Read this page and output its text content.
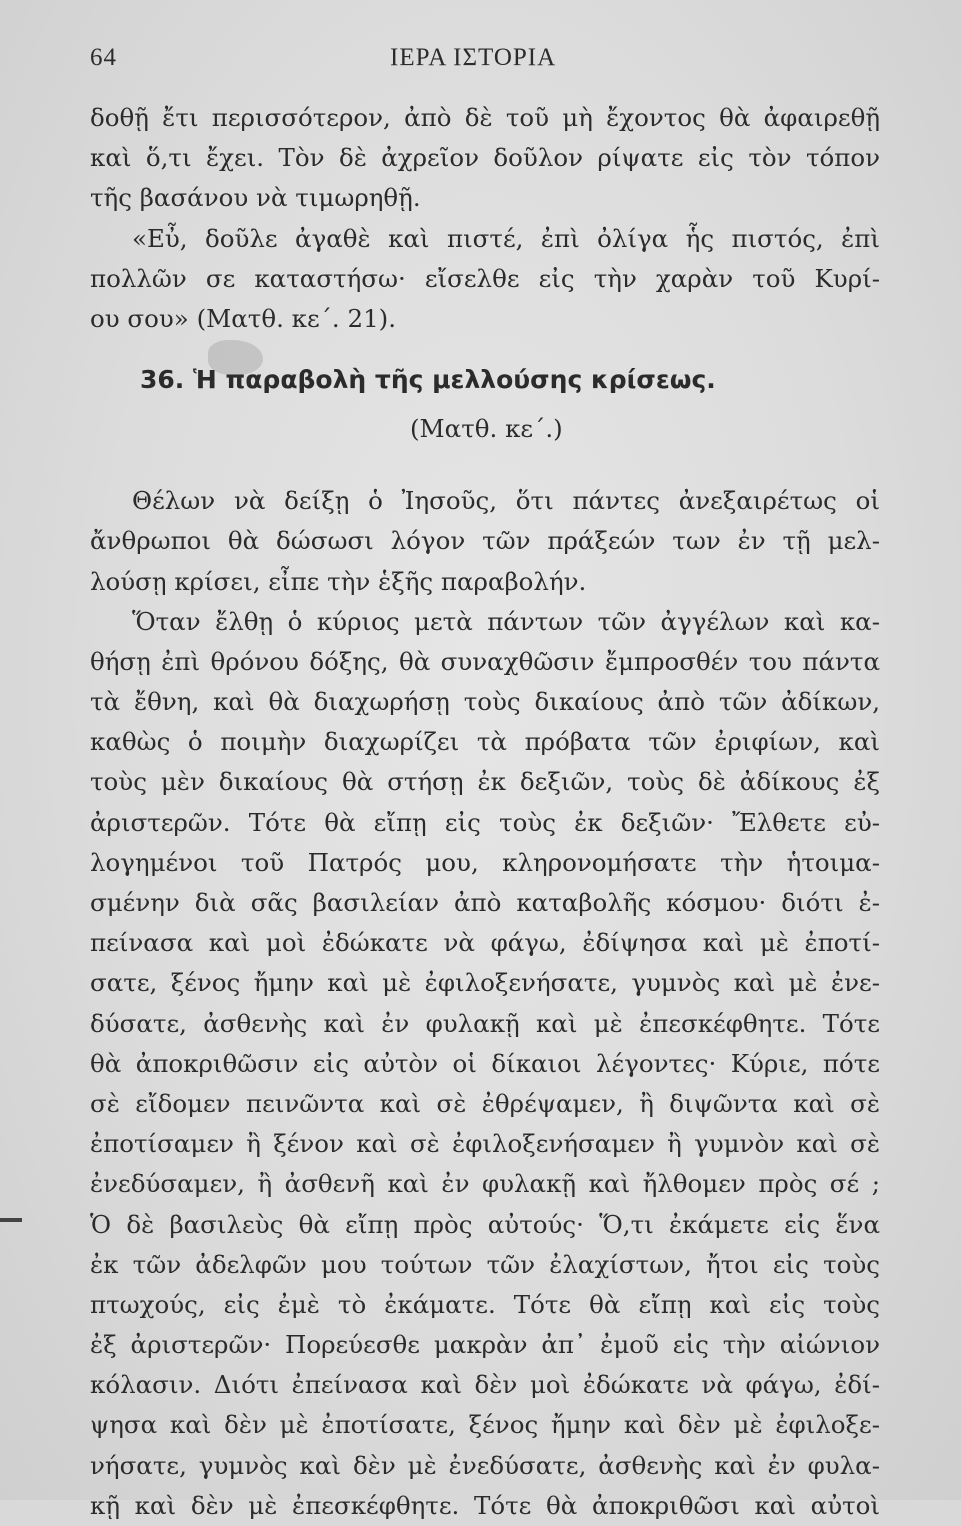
64	ΙΕΡΑ ΙΣΤΟΡΙΑ
δοθῇ ἔτι περισσότερον, ἀπὸ δὲ τοῦ μὴ ἔχοντος θὰ ἀφαιρεθῇ
καὶ ὅ,τι ἔχει. Τὸν δὲ ἀχρεῖον δοῦλον ρίψατε εἰς τὸν τόπον
τῆς βασάνου νὰ τιμωρηθῇ.
«Εὖ, δοῦλε ἀγαθὲ καὶ πιστέ, ἐπὶ ὀλίγα ἧς πιστός, ἐπὶ
πολλῶν σε καταστήσω· εἴσελθε εἰς τὴν χαρὰν τοῦ Κυρί-
ου σου» (Ματθ. κε΄. 21).
36. Ἡ παραβολὴ τῆς μελλούσης κρίσεως.
(Ματθ. κε΄.)
Θέλων νὰ δείξῃ ὁ Ἰησοῦς, ὅτι πάντες ἀνεξαιρέτως οἱ
ἄνθρωποι θὰ δώσωσι λόγον τῶν πράξεών των ἐν τῇ μελ-
λούσῃ κρίσει, εἶπε τὴν ἑξῆς παραβολήν.
Ὅταν ἔλθῃ ὁ κύριος μετὰ πάντων τῶν ἀγγέλων καὶ κα-
θήσῃ ἐπὶ θρόνου δόξης, θὰ συναχθῶσιν ἔμπροσθέν του πάντα
τὰ ἔθνη, καὶ θὰ διαχωρήσῃ τοὺς δικαίους ἀπὸ τῶν ἀδίκων,
καθὼς ὁ ποιμὴν διαχωρίζει τὰ πρόβατα τῶν ἐριφίων, καὶ
τοὺς μὲν δικαίους θὰ στήσῃ ἐκ δεξιῶν, τοὺς δὲ ἀδίκους ἐξ
ἀριστερῶν. Τότε θὰ εἴπῃ εἰς τοὺς ἐκ δεξιῶν· Ἔλθετε εὐ-
λογημένοι τοῦ Πατρός μου, κληρονομήσατε τὴν ἡτοιμα-
σμένην διὰ σᾶς βασιλείαν ἀπὸ καταβολῆς κόσμου· διότι ἐ-
πείνασα καὶ μοὶ ἐδώκατε νὰ φάγω, ἐδίψησα καὶ μὲ ἐποτί-
σατε, ξένος ἤμην καὶ μὲ ἐφιλοξενήσατε, γυμνὸς καὶ μὲ ἐνε-
δύσατε, ἀσθενὴς καὶ ἐν φυλακῇ καὶ μὲ ἐπεσκέφθητε. Τότε
θὰ ἀποκριθῶσιν εἰς αὐτὸν οἱ δίκαιοι λέγοντες· Κύριε, πότε
σὲ εἴδομεν πεινῶντα καὶ σὲ ἐθρέψαμεν, ἢ διψῶντα καὶ σὲ
ἐποτίσαμεν ἢ ξένον καὶ σὲ ἐφιλοξενήσαμεν ἢ γυμνὸν καὶ σὲ
ἐνεδύσαμεν, ἢ ἀσθενῆ καὶ ἐν φυλακῇ καὶ ἤλθομεν πρὸς σέ ;
Ὁ δὲ βασιλεὺς θὰ εἴπῃ πρὸς αὐτούς· Ὅ,τι ἐκάμετε εἰς ἕνα
ἐκ τῶν ἀδελφῶν μου τούτων τῶν ἐλαχίστων, ἤτοι εἰς τοὺς
πτωχούς, εἰς ἐμὲ τὸ ἐκάματε. Τότε θὰ εἴπῃ καὶ εἰς τοὺς
ἐξ ἀριστερῶν· Πορεύεσθε μακρὰν ἀπ᾽ ἐμοῦ εἰς τὴν αἰώνιον
κόλασιν. Διότι ἐπείνασα καὶ δὲν μοὶ ἐδώκατε νὰ φάγω, ἐδί-
ψησα καὶ δὲν μὲ ἐποτίσατε, ξένος ἤμην καὶ δὲν μὲ ἐφιλοξε-
νήσατε, γυμνὸς καὶ δὲν μὲ ἐνεδύσατε, ἀσθενὴς καὶ ἐν φυλα-
κῇ καὶ δὲν μὲ ἐπεσκέφθητε. Τότε θὰ ἀποκριθῶσι καὶ αὐτοὶ
